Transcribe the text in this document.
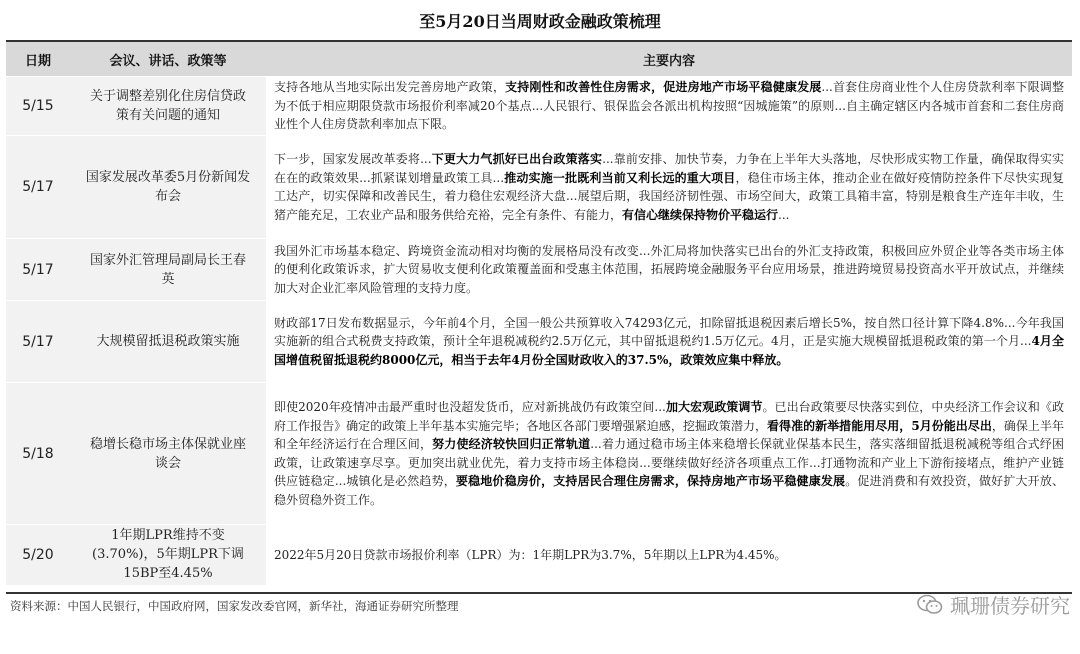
至5月20日当周财政金融政策梳理
日期	会议、讲话、政策等	主要内容
5/15	关于调整差别化住房信贷政策有关问题的通知	支持各地从当地实际出发完善房地产政策，支持刚性和改善性住房需求，促进房地产市场平稳健康发展...首套住房商业性个人住房贷款利率下限调整为不低于相应期限贷款市场报价利率减20个基点...人民银行、银保监会各派出机构按照“因城施策”的原则...自主确定辖区内各城市首套和二套住房商业性个人住房贷款利率加点下限。
5/17	国家发展改革委5月份新闻发布会	下一步，国家发展改革委将...下更大力气抓好已出台政策落实...靠前安排、加快节奏，力争在上半年大头落地，尽快形成实物工作量，确保取得实实在在的政策效果...抓紧谋划增量政策工具...推动实施一批既利当前又利长远的重大项目，稳住市场主体，推动企业在做好疫情防控条件下尽快实现复工达产，切实保障和改善民生，着力稳住宏观经济大盘...展望后期，我国经济韧性强、市场空间大，政策工具箱丰富，特别是粮食生产连年丰收，生猪产能充足，工农业产品和服务供给充裕，完全有条件、有能力，有信心继续保持物价平稳运行...
5/17	国家外汇管理局副局长王春英	我国外汇市场基本稳定、跨境资金流动相对均衡的发展格局没有改变...外汇局将加快落实已出台的外汇支持政策，积极回应外贸企业等各类市场主体的便利化政策诉求，扩大贸易收支便利化政策覆盖面和受惠主体范围，拓展跨境金融服务平台应用场景，推进跨境贸易投资高水平开放试点，并继续加大对企业汇率风险管理的支持力度。
5/17	大规模留抵退税政策实施	财政部17日发布数据显示，今年前4个月，全国一般公共预算收入74293亿元，扣除留抵退税因素后增长5%，按自然口径计算下降4.8%...今年我国实施新的组合式税费支持政策，预计全年退税减税约2.5万亿元，其中留抵退税约1.5万亿元。4月，正是实施大规模留抵退税政策的第一个月...4月全国增值税留抵退税约8000亿元，相当于去年4月份全国财政收入的37.5%，政策效应集中释放。
5/18	稳增长稳市场主体保就业座谈会	即使2020年疫情冲击最严重时也没超发货币，应对新挑战仍有政策空间...加大宏观政策调节。已出台政策要尽快落实到位，中央经济工作会议和《政府工作报告》确定的政策上半年基本实施完毕；各地区各部门要增强紧迫感，挖掘政策潜力，看得准的新举措能用尽用，5月份能出尽出，确保上半年和全年经济运行在合理区间，努力使经济较快回归正常轨道...着力通过稳市场主体来稳增长保就业保基本民生，落实落细留抵退税减税等组合式纾困政策，让政策速享尽享。更加突出就业优先，着力支持市场主体稳岗...要继续做好经济各项重点工作...打通物流和产业上下游衔接堵点，维护产业链供应链稳定...城镇化是必然趋势，要稳地价稳房价，支持居民合理住房需求，保持房地产市场平稳健康发展。促进消费和有效投资，做好扩大开放、稳外贸稳外资工作。
5/20	1年期LPR维持不变(3.70%)，5年期LPR下调15BP至4.45%	2022年5月20日贷款市场报价利率（LPR）为：1年期LPR为3.7%，5年期以上LPR为4.45%。
资料来源：中国人民银行，中国政府网，国家发改委官网，新华社，海通证券研究所整理	珮珊债券研究
